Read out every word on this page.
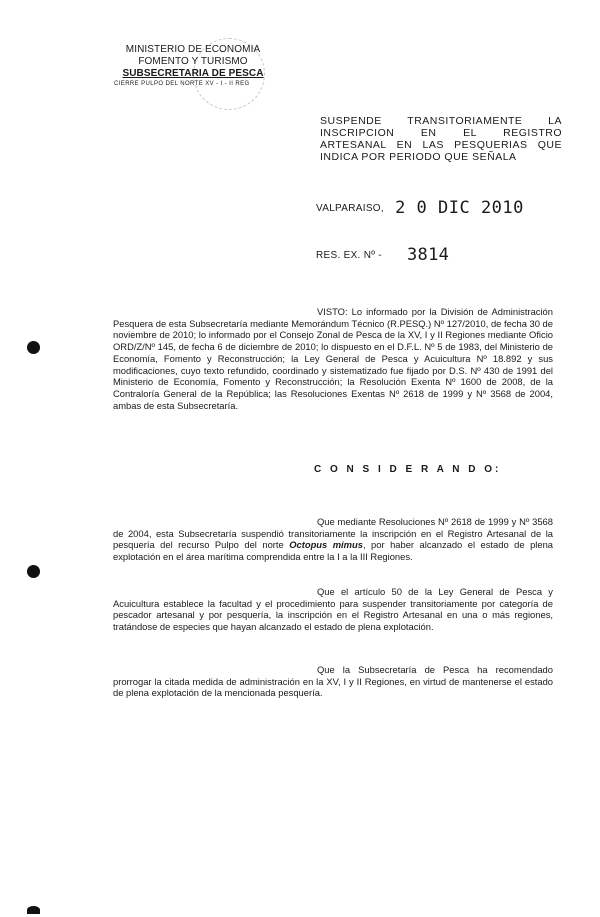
MINISTERIO DE ECONOMIA
FOMENTO Y TURISMO
SUBSECRETARIA DE PESCA
CIERRE PULPO DEL NORTE XV - I - II REG
SUSPENDE TRANSITORIAMENTE LA INSCRIPCION EN EL REGISTRO ARTESANAL EN LAS PESQUERIAS QUE INDICA POR PERIODO QUE SEÑALA
VALPARAISO, 2 0 DIC 2010
RES. EX. Nº - 3814

VISTO: Lo informado por la División de Administración Pesquera de esta Subsecretaría mediante Memorándum Técnico (R.PESQ.) Nº 127/2010, de fecha 30 de noviembre de 2010; lo informado por el Consejo Zonal de Pesca de la XV, I y II Regiones mediante Oficio ORD/Z/Nº 145, de fecha 6 de diciembre de 2010; lo dispuesto en el D.F.L. Nº 5 de 1983, del Ministerio de Economía, Fomento y Reconstrucción; la Ley General de Pesca y Acuicultura Nº 18.892 y sus modificaciones, cuyo texto refundido, coordinado y sistematizado fue fijado por D.S. Nº 430 de 1991 del Ministerio de Economía, Fomento y Reconstrucción; la Resolución Exenta Nº 1600 de 2008, de la Contraloría General de la República; las Resoluciones Exentas Nº 2618 de 1999 y Nº 3568 de 2004, ambas de esta Subsecretaría.

C O N S I D E R A N D O:

Que mediante Resoluciones Nº 2618 de 1999 y Nº 3568 de 2004, esta Subsecretaría suspendió transitoriamente la inscripción en el Registro Artesanal de la pesquería del recurso Pulpo del norte Octopus mimus, por haber alcanzado el estado de plena explotación en el área marítima comprendida entre la I a la III Regiones.

Que el artículo 50 de la Ley General de Pesca y Acuicultura establece la facultad y el procedimiento para suspender transitoriamente por categoría de pescador artesanal y por pesquería, la inscripción en el Registro Artesanal en una o más regiones, tratándose de especies que hayan alcanzado el estado de plena explotación.

Que la Subsecretaría de Pesca ha recomendado prorrogar la citada medida de administración en la XV, I y II Regiones, en virtud de mantenerse el estado de plena explotación de la mencionada pesquería.
